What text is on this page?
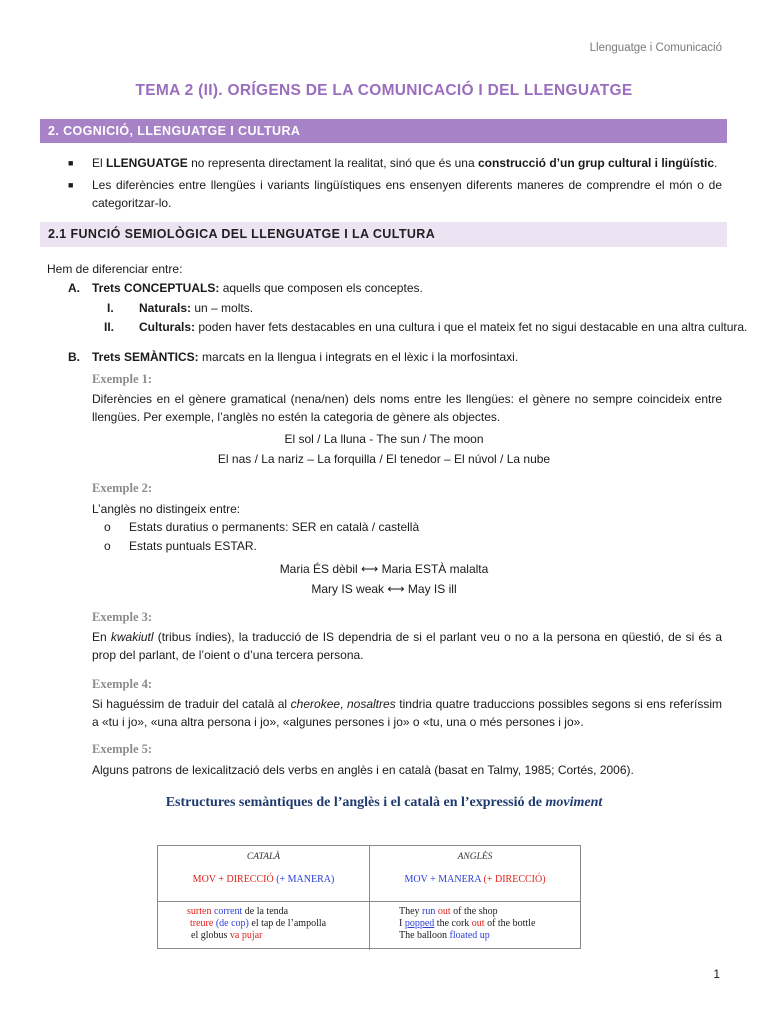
Llenguatge i Comunicació
TEMA 2 (II). ORÍGENS DE LA COMUNICACIÓ I DEL LLENGUATGE
2. COGNICIÓ, LLENGUATGE I CULTURA
■ El LLENGUATGE no representa directament la realitat, sinó que és una construcció d’un grup cultural i lingüístic.
■ Les diferències entre llengües i variants lingüístiques ens ensenyen diferents maneres de comprendre el món o de categoritzar-lo.
2.1 FUNCIÓ SEMIOLÒGICA DEL LLENGUATGE I LA CULTURA
Hem de diferenciar entre:
A. Trets CONCEPTUALS: aquells que composen els conceptes.
I. Naturals: un – molts.
II. Culturals: poden haver fets destacables en una cultura i que el mateix fet no sigui destacable en una altra cultura.
B. Trets SEMÀNTICS: marcats en la llengua i integrats en el lèxic i la morfosintaxi.
Exemple 1:
Diferències en el gènere gramatical (nena/nen) dels noms entre les llengües: el gènere no sempre coincideix entre llengües. Per exemple, l’anglès no estén la categoria de gènere als objectes.
El sol / La lluna - The sun / The moon
El nas / La nariz – La forquilla / El tenedor – El núvol / La nube
Exemple 2:
L’anglès no distingeix entre:
o Estats duratius o permanents: SER en català / castellà
o Estats puntuals ESTAR.
Maria ÉS dèbil ⟷ Maria ESTÀ malalta
Mary IS weak ⟷ May IS ill
Exemple 3:
En kwakiutl (tribus índies), la traducció de IS dependria de si el parlant veu o no a la persona en qüestió, de si és a prop del parlant, de l’oient o d’una tercera persona.
Exemple 4:
Si haguéssim de traduir del català al cherokee, nosaltres tindria quatre traduccions possibles segons si ens referíssim a «tu i jo», «una altra persona i jo», «algunes persones i jo» o «tu, una o més persones i jo».
Exemple 5:
Alguns patrons de lexicalització dels verbs en anglès i en català (basat en Talmy, 1985; Cortés, 2006).
Estructures semàntiques de l’anglès i el català en l’expressió de moviment
CATALÀ
MOV + DIRECCIÓ (+ MANERA)
ANGLÈS
MOV + MANERA (+ DIRECCIÓ)
surten corrent de la tenda
treure (de cop) el tap de l’ampolla
el globus va pujar
They run out of the shop
I popped the cork out of the bottle
The balloon floated up
1
